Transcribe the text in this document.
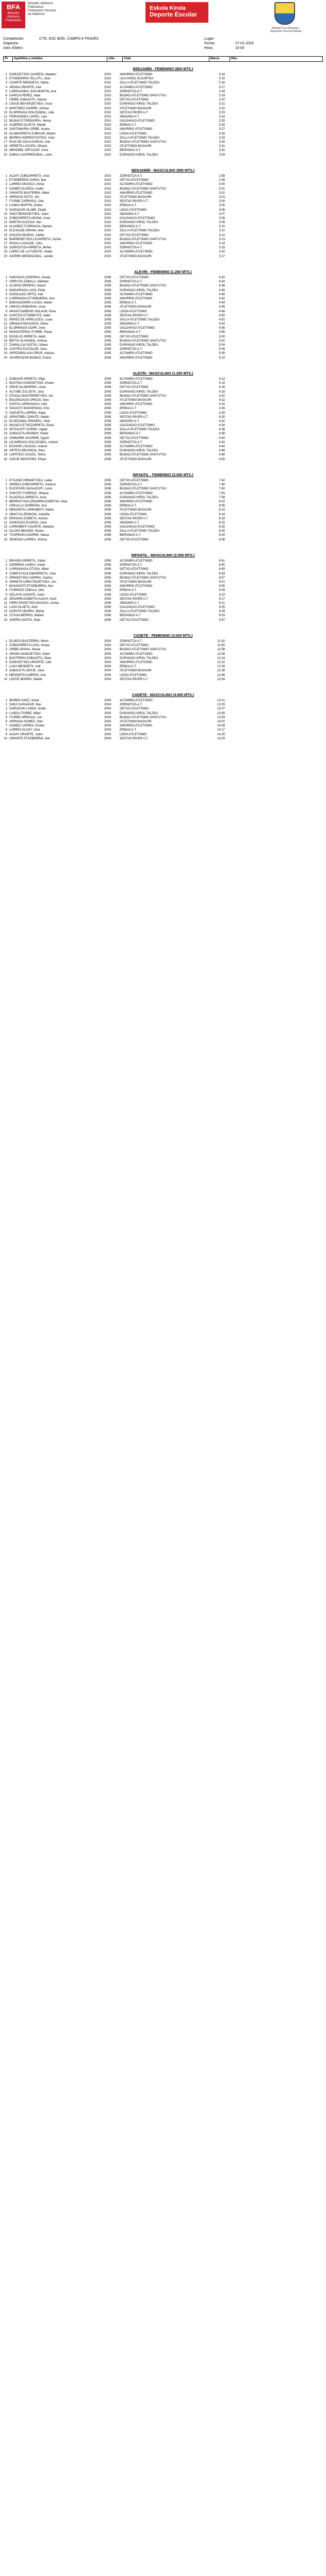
BFA
Bizkaiko Atletismo Federazioa
Bizkaiko Atletismo
Federazioa
Federación Vizcaína
de Atletismo
Eskola Kirola
Deporte Escolar
Bizkaiko Foru Aldundia / Diputación Foral de Bizkaia
Competición:	CTO. ESC BIZK. CAMPO A TRAVÉS	Lugar:
Organiza:	Fecha:	27-01-2019
Juez Árbitro:	Hora:	10:00
Pt	Apellidos y nombre	Año	Club	Marca	Obs.
BENJAMÍN - FEMENINO (800 MTS.)
1 GOIKOETXEA JAUREGI, Maialen	2010	AMURRIO ATLETISMO	3:14
2 ETXEBARRIA TELLITU, June	2010	ULIA KIROL ELKARTEA	3:15
3 UGARTE MENDIETA, Nahia	2010	ZALLA ATLETISMO TALDEA	3:16
4 ARANA URIARTE, Irati	2010	ALTAMIRA ATLETISMO	3:17
5 LARRAZABAL SAN MARTIN, Ane	2010	ZORNOTZA A.T.	3:18
6 GARCIA PEREZ, Naia	2010	BILBAO ATLETISMO SANTUTXU	3:19
7 URIBE ZABALETA, Haizea	2010	GETXO ATLETISMO	3:20
8 LEKUE BEASKOETXEA, Uxue	2010	DURANGO KIROL TALDEA	3:21
9 MARTINEZ AGIRRE, Ainhoa	2010	ATLETISMO BASAURI	3:22
10 ELORRIAGA SOLOZABAL, Lide	2010	SESTAO RIVER A.T.	3:23
11 FERNANDEZ LOPEZ, Laia	2010	ABADIÑO A.T.	3:24
12 BILBAO ETXEBARRIA, Nerea	2010	GALDAKAO ATLETISMO	3:25
13 ALBERDI OLAETA, Maddi	2010	ERMUA A.T.	3:26
14 SANTAMARIA URIBE, Ainara	2010	AMURRIO ATLETISMO	3:27
15 OLABARRIETA ZUBIAUR, Maren	2010	LEIOA ATLETISMO	3:28
16 IBARRA GORROTXATEGI, Izaro	2010	ZALLA ATLETISMO TALDEA	3:29
17 RUIZ DE AZUA GARCIA, Ane	2010	BILBAO ATLETISMO SANTUTXU	3:30
18 ARRIETA LASUEN, Oihane	2010	ATLETISMO BASAURI	3:31
19 MENDIBIL ORTUZAR, Irune	2010	BERANGO A.T.	3:32
20 ZABALA AGIRREZABAL, Leire	2010	DURANGO KIROL TALDEA	3:33
BENJAMÍN - MASCULINO (800 MTS.)
1 ALDAY ZUBIZARRETA, Unai	2010	ZORNOTZA A.T.	2:58
2 ETXEBERRIA GARAI, Ibai	2010	GETXO ATLETISMO	2:59
3 LARREA MUGICA, Aimar	2010	ALTAMIRA ATLETISMO	3:00
4 GOMEZ ELORZA, Ander	2010	BILBAO ATLETISMO SANTUTXU	3:01
5 URIARTE BASTERRA, Mikel	2010	AMURRIO ATLETISMO	3:02
6 ARRIAGA SOTO, Jon	2010	ATLETISMO BASAURI	3:03
7 ITURBE ZARRAGA, Oier	2010	SESTAO RIVER A.T.	3:04
8 LANDA MARTIN, Eneko	2010	ERMUA A.T.	3:05
9 GARAIZAR OLABE, Ekaitz	2010	LEIOA ATLETISMO	3:06
10 SAEZ BENGOETXEA, Julen	2010	ABADIÑO A.T.	3:07
11 ZUBIZARRETA ARANA, Asier	2010	GALDAKAO ATLETISMO	3:08
12 MARTIN OLEAGA, Iker	2010	DURANGO KIROL TALDEA	3:09
13 ALVAREZ ITURRIAGA, Markel	2010	BERANGO A.T.	3:10
14 ELEJALDE ARANA, Aitor	2010	ZALLA ATLETISMO TALDEA	3:11
15 OLEAGA BILBAO, Xabier	2010	GETXO ATLETISMO	3:12
16 BARRENETXEA LEJARRETA, Gorka	2010	BILBAO ATLETISMO SANTUTXU	3:13
17 IRAOLA UGALDE, Urko	2010	AMURRIO ATLETISMO	3:14
18 GOROSTIZA ARRIETA, Beñat	2010	ZORNOTZA A.T.	3:15
19 LOPEZ DE LA FUENTE, Hodei	2010	ALTAMIRA ATLETISMO	3:16
20 AGIRRE MENDIZABAL, Lander	2010	ATLETISMO BASAURI	3:17
ALEVÍN - FEMENINO (1.200 MTS.)
1 SARASUA LEKERIKA, Amaia	2008	GETXO ATLETISMO	4:32
2 URRUTIA ZABALA, Nahikari	2008	ZORNOTZA A.T.	4:34
3 ALONSO BERRIO, Garazi	2008	BILBAO ATLETISMO SANTUTXU	4:36
4 MADARIAGA LASA, Eider	2008	DURANGO KIROL TALDEA	4:38
5 GONZALEZ ORTIZ, Irati	2008	ALTAMIRA ATLETISMO	4:40
6 LARRINAGA ETXEBARRIA, Ane	2008	AMURRIO ATLETISMO	4:42
7 BARAIAZARRA LAUDA, Malen	2008	ERMUA A.T.	4:44
8 URKIZA DOBARAN, Uxue	2008	ATLETISMO BASAURI	4:46
9 ARANTZAMENDI SOLAUN, Nora	2008	LEIOA ATLETISMO	4:48
10 GARTZIA ETXEBESTE, Olatz	2008	SESTAO RIVER A.T.	4:50
11 PEREZ DE ARRILUCEA, Lucia	2008	ZALLA ATLETISMO TALDEA	4:52
12 ORMAZA MUGARZA, Elene	2008	ABADIÑO A.T.	4:54
13 ELORRIAGA GOIRI, Jone	2008	GALDAKAO ATLETISMO	4:56
14 MONASTERIO ITURBE, Paula	2008	BERANGO A.T.	4:58
15 EGUILUZ ARRIETA, Alaitz	2008	GETXO ATLETISMO	5:00
16 BEITIA OLAZABAL, Ainhoa	2008	BILBAO ATLETISMO SANTUTXU	5:02
17 ZAMALLOA GOITIA, Udane	2008	DURANGO KIROL TALDEA	5:04
18 CASTRO ELEJALDE, Sara	2008	ZORNOTZA A.T.	5:06
19 ARRIZABALAGA ORUE, Haizea	2008	ALTAMIRA ATLETISMO	5:08
20 JAUREGIZAR BILBAO, Enara	2008	AMURRIO ATLETISMO	5:10
ALEVÍN - MASCULINO (1.200 MTS.)
1 ZUBIAUR ARRIETA, Iñigo	2008	ALTAMIRA ATLETISMO	4:12
2 BASTIDA GOIKOETXEA, Eneko	2008	ZORNOTZA A.T.	4:14
3 ORUE OLABARRIA, Unax	2008	GETXO ATLETISMO	4:16
4 ALTUBE ZULUETA, Josu	2008	DURANGO KIROL TALDEA	4:18
5 OTAOLA BASTERRETXEA, Ion	2008	BILBAO ATLETISMO SANTUTXU	4:20
6 BALENCIAGA URKIJO, Ibon	2008	ATLETISMO BASAURI	4:22
7 GOITIA LARRAÑAGA, Aritz	2008	AMURRIO ATLETISMO	4:24
8 SAGASTI MADARIAGA, Erik	2008	ERMUA A.T.	4:26
9 UNZUETA LARREA, Kepa	2008	LEIOA ATLETISMO	4:28
10 ARRATIBEL ZARATE, Mattin	2008	SESTAO RIVER A.T.	4:30
11 ELGEZABAL IRIONDO, Jokin	2008	ABADIÑO A.T.	4:32
12 MUGICA ETXEZARRETA, Ekain	2008	GALDAKAO ATLETISMO	4:34
13 INTXAUSTI GURIDI, Ugaitz	2008	ZALLA ATLETISMO TALDEA	4:36
14 ZABALETA ARGIBAY, Haritz	2008	BERANGO A.T.	4:38
15 URIBARRI AGUIRRE, Egoitz	2008	GETXO ATLETISMO	4:40
16 LEJARRAGA SOLOZABAL, Andoni	2008	ZORNOTZA A.T.	4:42
17 ECHAVE LOIZAGA, Imanol	2008	ALTAMIRA ATLETISMO	4:44
18 ARTETA BEASKOA, Peru	2008	DURANGO KIROL TALDEA	4:46
19 LOPATEGI ZUAZO, Telmo	2008	BILBAO ATLETISMO SANTUTXU	4:48
20 AZKUE MONTERO, Eñaut	2008	ATLETISMO BASAURI	4:50
INFANTIL - FEMENINO (2.000 MTS.)
1 ETXANIZ ORMAETXEA, Laida	2006	GETXO ATLETISMO	7:42
2 ARREGI ZUBIZARRETA, Izaskun	2006	ZORNOTZA A.T.	7:46
3 ELEXPURU BASAGOITI, Leire	2006	BILBAO ATLETISMO SANTUTXU	7:50
4 ZARATE ITURRIOZ, Oihana	2006	ALTAMIRA ATLETISMO	7:54
5 OLAIZOLA ARRIETA, Aroa	2006	DURANGO KIROL TALDEA	7:58
6 BERRIOTXOA ZENARRUZABEITIA, Itziar	2006	AMURRIO ATLETISMO	8:02
7 URKULLU GOIRIENA, Ane	2006	ERMUA A.T.	8:06
8 MENDIETA LARRABEITI, Nahia	2006	ATLETISMO BASAURI	8:10
9 ABAITUA ZENDOIA, Garbiñe	2006	LEIOA ATLETISMO	8:14
10 ERKIAGA ZUBIETA, Irantzu	2006	SESTAO RIVER A.T.	8:18
11 GOIKOLEA ELORZA, June	2006	ABADIÑO A.T.	8:22
12 LARRABEITI UGARTE, Maitane	2006	GALDAKAO ATLETISMO	8:26
13 OLASO BIKANDI, Ainara	2006	ZALLA ATLETISMO TALDEA	8:30
14 TXURRUKA AGIRRE, Naroa	2006	BERANGO A.T.	8:34
15 ZENDOIA LARREA, Ihintza	2006	GETXO ATLETISMO	8:38
INFANTIL - MASCULINO (2.500 MTS.)
1 BIKANDI ARRIETA, Xabat	2006	ALTAMIRA ATLETISMO	8:41
2 GOIRIENA LANDA, Ander	2006	ZORNOTZA A.T.	8:45
3 LARRAÑAGA OTXOA, Mikel	2006	GETXO ATLETISMO	8:49
4 ZUBIETA ELEJABARRIETA, Unai	2006	DURANGO KIROL TALDEA	8:53
5 ORMAETXEA SARRIA, Gaizka	2006	BILBAO ATLETISMO SANTUTXU	8:57
6 ARRIETA URRUTIKOETXEA, Jon	2006	ATLETISMO BASAURI	9:01
7 BASAGOITI ETXEBARRIA, Iker	2006	AMURRIO ATLETISMO	9:05
8 ITURRIOZ ZABALA, Oier	2006	ERMUA A.T.	9:09
9 SOLAUN GARATE, Julen	2006	LEIOA ATLETISMO	9:13
10 ZENARRUZABEITIA ALDAY, Asier	2006	SESTAO RIVER A.T.	9:17
11 URRUTIKOETXEA MUGICA, Gorka	2006	ABADIÑO A.T.	9:21
12 LASA OLAETA, Aitor	2006	GALDAKAO ATLETISMO	9:25
13 GARATE IBARRA, Beñat	2006	ZALLA ATLETISMO TALDEA	9:29
14 OTXOA BERRIO, Markel	2006	BERANGO A.T.	9:33
15 SARRIA GOITIA, Iñaki	2006	GETXO ATLETISMO	9:37
CADETE - FEMENINO (3.000 MTS.)
1 ELORZA BASTERRA, Miren	2004	ZORNOTZA A.T.	11:42
2 ZUBIZARRETA LASA, Amaia	2004	GETXO ATLETISMO	11:50
3 URIBE ARANA, Nerea	2004	BILBAO ATLETISMO SANTUTXU	11:58
4 ARANA GOIKOETXEA, Eider	2004	ALTAMIRA ATLETISMO	12:06
5 BASTERRA ZABALETA, Olatz	2004	DURANGO KIROL TALDEA	12:14
6 GOIKOETXEA URIARTE, Lide	2004	AMURRIO ATLETISMO	12:22
7 LASA MENDIETA, Irati	2004	ERMUA A.T.	12:30
8 ZABALETA LEKUE, Jone	2004	ATLETISMO BASAURI	12:38
9 MENDIETA ALBERDI, Ane	2004	LEIOA ATLETISMO	12:46
10 LEKUE IBARRA, Maddi	2004	SESTAO RIVER A.T.	12:54
CADETE - MASCULINO (4.000 MTS.)
1 IBARRA SAEZ, Aimar	2004	ALTAMIRA ATLETISMO	13:21
2 SAEZ GARAIZAR, Ibai	2004	ZORNOTZA A.T.	13:29
3 GARAIZAR LANDA, Ander	2004	GETXO ATLETISMO	13:37
4 LANDA ITURBE, Mikel	2004	DURANGO KIROL TALDEA	13:45
5 ITURBE ARRIAGA, Jon	2004	BILBAO ATLETISMO SANTUTXU	13:53
6 ARRIAGA GOMEZ, Oier	2004	ATLETISMO BASAURI	14:01
7 GOMEZ LARREA, Eneko	2004	AMURRIO ATLETISMO	14:09
8 LARREA ALDAY, Unai	2004	ERMUA A.T.	14:17
9 ALDAY URIARTE, Julen	2004	LEIOA ATLETISMO	14:25
10 URIARTE ETXEBERRIA, Iker	2004	SESTAO RIVER A.T.	14:33
